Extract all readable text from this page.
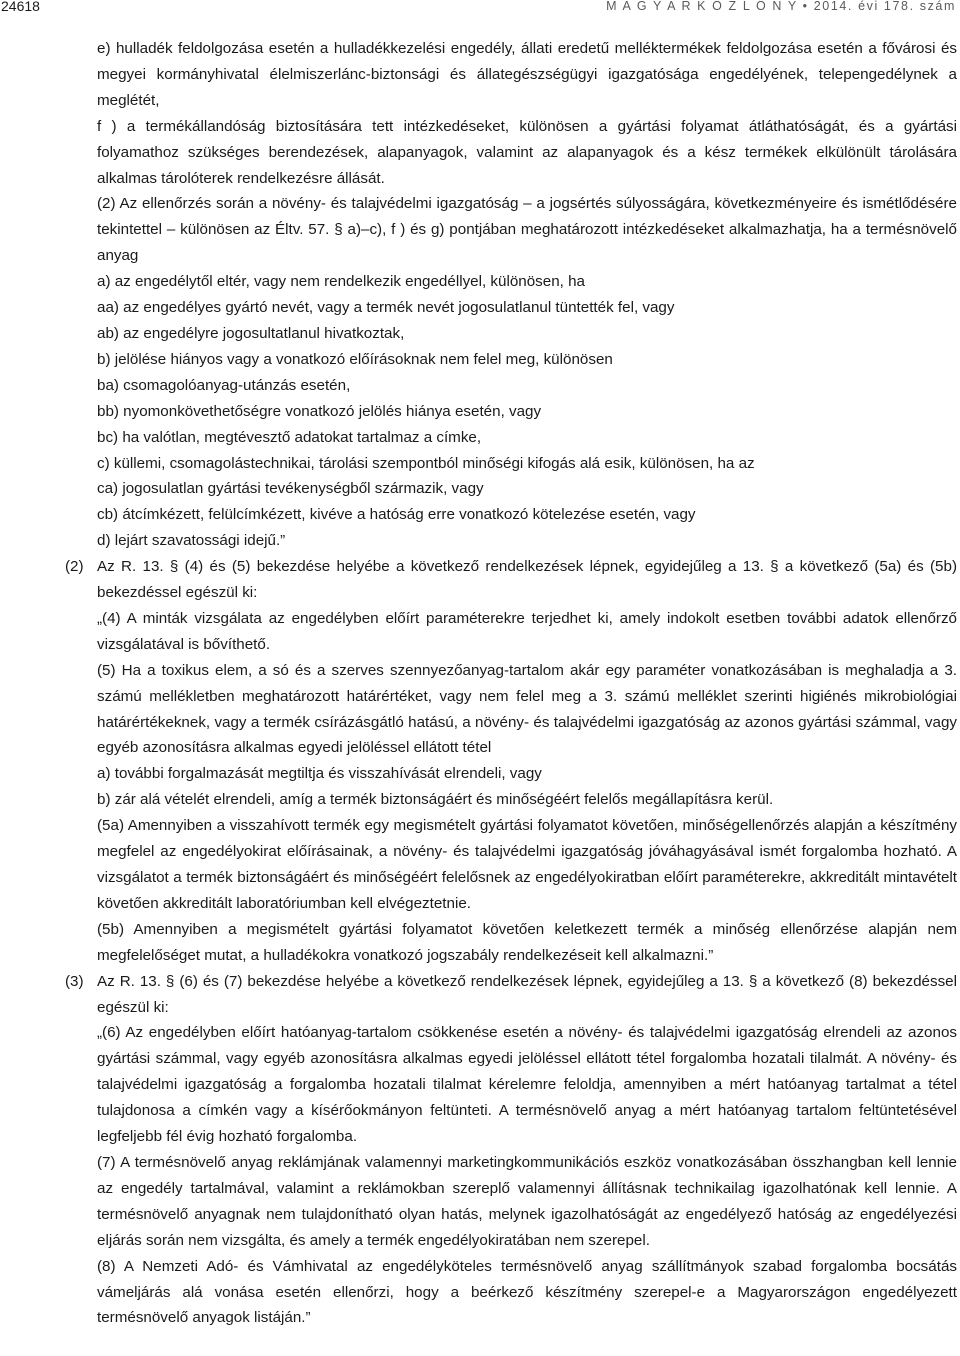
24618	M A G Y A R K Ö Z L Ö N Y • 2014. évi 178. szám
e) hulladék feldolgozása esetén a hulladékkezelési engedély, állati eredetű melléktermékek feldolgozása esetén a fővárosi és megyei kormányhivatal élelmiszerlánc-biztonsági és állategészségügyi igazgatósága engedélyének, telepengedélynek a meglétét,
f ) a termékállandóság biztosítására tett intézkedéseket, különösen a gyártási folyamat átláthatóságát, és a gyártási folyamathoz szükséges berendezések, alapanyagok, valamint az alapanyagok és a kész termékek elkülönült tárolására alkalmas tárolóterek rendelkezésre állását.
(2) Az ellenőrzés során a növény- és talajvédelmi igazgatóság – a jogsértés súlyosságára, következményeire és ismétlődésére tekintettel – különösen az Éltv. 57. § a)–c), f ) és g) pontjában meghatározott intézkedéseket alkalmazhatja, ha a termésnövelő anyag
a) az engedélytől eltér, vagy nem rendelkezik engedéllyel, különösen, ha
aa) az engedélyes gyártó nevét, vagy a termék nevét jogosulatlanul tüntették fel, vagy
ab) az engedélyre jogosultatlanul hivatkoztak,
b) jelölése hiányos vagy a vonatkozó előírásoknak nem felel meg, különösen
ba) csomagolóanyag-utánzás esetén,
bb) nyomonkövethetőségre vonatkozó jelölés hiánya esetén, vagy
bc) ha valótlan, megtévesztő adatokat tartalmaz a címke,
c) küllemi, csomagolástechnikai, tárolási szempontból minőségi kifogás alá esik, különösen, ha az
ca) jogosulatlan gyártási tevékenységből származik, vagy
cb) átcímkézett, felülcímkézett, kivéve a hatóság erre vonatkozó kötelezése esetén, vagy
d) lejárt szavatossági idejű.”
(2) Az R. 13. § (4) és (5) bekezdése helyébe a következő rendelkezések lépnek, egyidejűleg a 13. § a következő (5a) és (5b) bekezdéssel egészül ki:
„(4) A minták vizsgálata az engedélyben előírt paraméterekre terjedhet ki, amely indokolt esetben további adatok ellenőrző vizsgálatával is bővíthető.
(5) Ha a toxikus elem, a só és a szerves szennyezőanyag-tartalom akár egy paraméter vonatkozásában is meghaladja a 3. számú mellékletben meghatározott határértéket, vagy nem felel meg a 3. számú melléklet szerinti higiénés mikrobiológiai határértékeknek, vagy a termék csírázásgátló hatású, a növény- és talajvédelmi igazgatóság az azonos gyártási számmal, vagy egyéb azonosításra alkalmas egyedi jelöléssel ellátott tétel
a) további forgalmazását megtiltja és visszahívását elrendeli, vagy
b) zár alá vételét elrendeli, amíg a termék biztonságáért és minőségéért felelős megállapításra kerül.
(5a) Amennyiben a visszahívott termék egy megismételt gyártási folyamatot követően, minőségellenőrzés alapján a készítmény megfelel az engedélyokirat előírásainak, a növény- és talajvédelmi igazgatóság jóváhagyásával ismét forgalomba hozható. A vizsgálatot a termék biztonságáért és minőségéért felelősnek az engedélyokiratban előírt paraméterekre, akkreditált mintavételt követően akkreditált laboratóriumban kell elvégeztetnie.
(5b) Amennyiben a megismételt gyártási folyamatot követően keletkezett termék a minőség ellenőrzése alapján nem megfelelőséget mutat, a hulladékokra vonatkozó jogszabály rendelkezéseit kell alkalmazni.”
(3) Az R. 13. § (6) és (7) bekezdése helyébe a következő rendelkezések lépnek, egyidejűleg a 13. § a következő (8) bekezdéssel egészül ki:
„(6) Az engedélyben előírt hatóanyag-tartalom csökkenése esetén a növény- és talajvédelmi igazgatóság elrendeli az azonos gyártási számmal, vagy egyéb azonosításra alkalmas egyedi jelöléssel ellátott tétel forgalomba hozatali tilalmát. A növény- és talajvédelmi igazgatóság a forgalomba hozatali tilalmat kérelemre feloldja, amennyiben a mért hatóanyag tartalmat a tétel tulajdonosa a címkén vagy a kísérőokmányon feltünteti. A termésnövelő anyag a mért hatóanyag tartalom feltüntetésével legfeljebb fél évig hozható forgalomba.
(7) A termésnövelő anyag reklámjának valamennyi marketingkommunikációs eszköz vonatkozásában összhangban kell lennie az engedély tartalmával, valamint a reklámokban szereplő valamennyi állításnak technikailag igazolhatónak kell lennie. A termésnövelő anyagnak nem tulajdonítható olyan hatás, melynek igazolhatóságát az engedélyező hatóság az engedélyezési eljárás során nem vizsgálta, és amely a termék engedélyokiratában nem szerepel.
(8) A Nemzeti Adó- és Vámhivatal az engedélyköteles termésnövelő anyag szállítmányok szabad forgalomba bocsátás vámeljárás alá vonása esetén ellenőrzi, hogy a beérkező készítmény szerepel-e a Magyarországon engedélyezett termésnövelő anyagok listáján.”
